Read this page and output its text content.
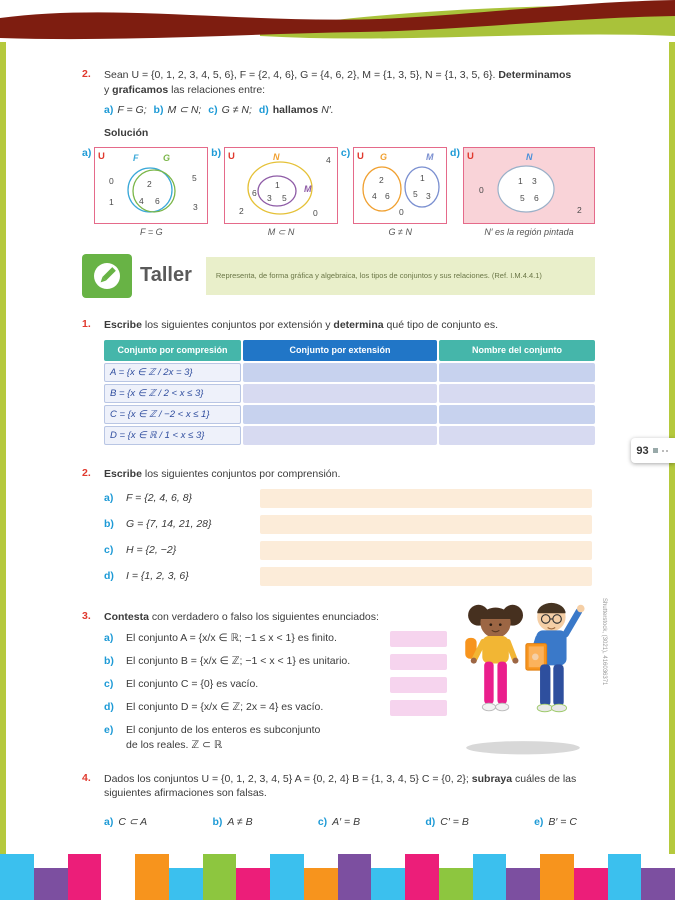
2.	Sean U = {0, 1, 2, 3, 4, 5, 6}, F = {2, 4, 6}, G = {4, 6, 2}, M = {1, 3, 5}, N = {1, 3, 5, 6}. Determinamos
y graficamos las relaciones entre:
a) F = G; b) M ⊂ N; c) G ≠ N; d) hallamos N′.
Solución
a) U	F	G
2
4 6
0
1
5
3
F = G
b) U	N
M
1
3 5
6
4
2	0
M ⊂ N
c) U G	M
2
4 6
1
5 3
0
G ≠ N
d) U	N
1 3
5 6
0
2
N′ es la región pintada
Taller	Representa, de forma gráfica y algebraica, los tipos de conjuntos y sus relaciones. (Ref. I.M.4.4.1)
1.	Escribe los siguientes conjuntos por extensión y determina qué tipo de conjunto es.
Conjunto por compresión	Conjunto por extensión	Nombre del conjunto
A = {x ∈ ℤ / 2x = 3}
B = {x ∈ ℤ / 2 < x ≤ 3}
C = {x ∈ ℤ / −2 < x ≤ 1}
D = {x ∈ ℝ / 1 < x ≤ 3}
2.	Escribe los siguientes conjuntos por comprensión.
a)	F = {2, 4, 6, 8}
b)	G = {7, 14, 21, 28}
c)	H = {2, −2}
d)	I = {1, 2, 3, 6}
3.	Contesta con verdadero o falso los siguientes enunciados:
a)	El conjunto A = {x/x ∈ ℝ; −1 ≤ x < 1} es finito.
b)	El conjunto B = {x/x ∈ ℤ; −1 < x < 1} es unitario.
c)	El conjunto C = {0} es vacío.
d)	El conjunto D = {x/x ∈ ℤ; 2x = 4} es vacío.
e)	El conjunto de los enteros es subconjunto
de los reales. ℤ ⊂ ℝ
4.	Dados los conjuntos U = {0, 1, 2, 3, 4, 5} A = {0, 2, 4} B = {1, 3, 4, 5} C = {0, 2}; subraya cuáles de las
siguientes afirmaciones son falsas.
a) C ⊂ A	b) A ≠ B	c) A′ = B	d) C′ = B	e) B′ = C
93
Shutterstock, (3021), 416036371
